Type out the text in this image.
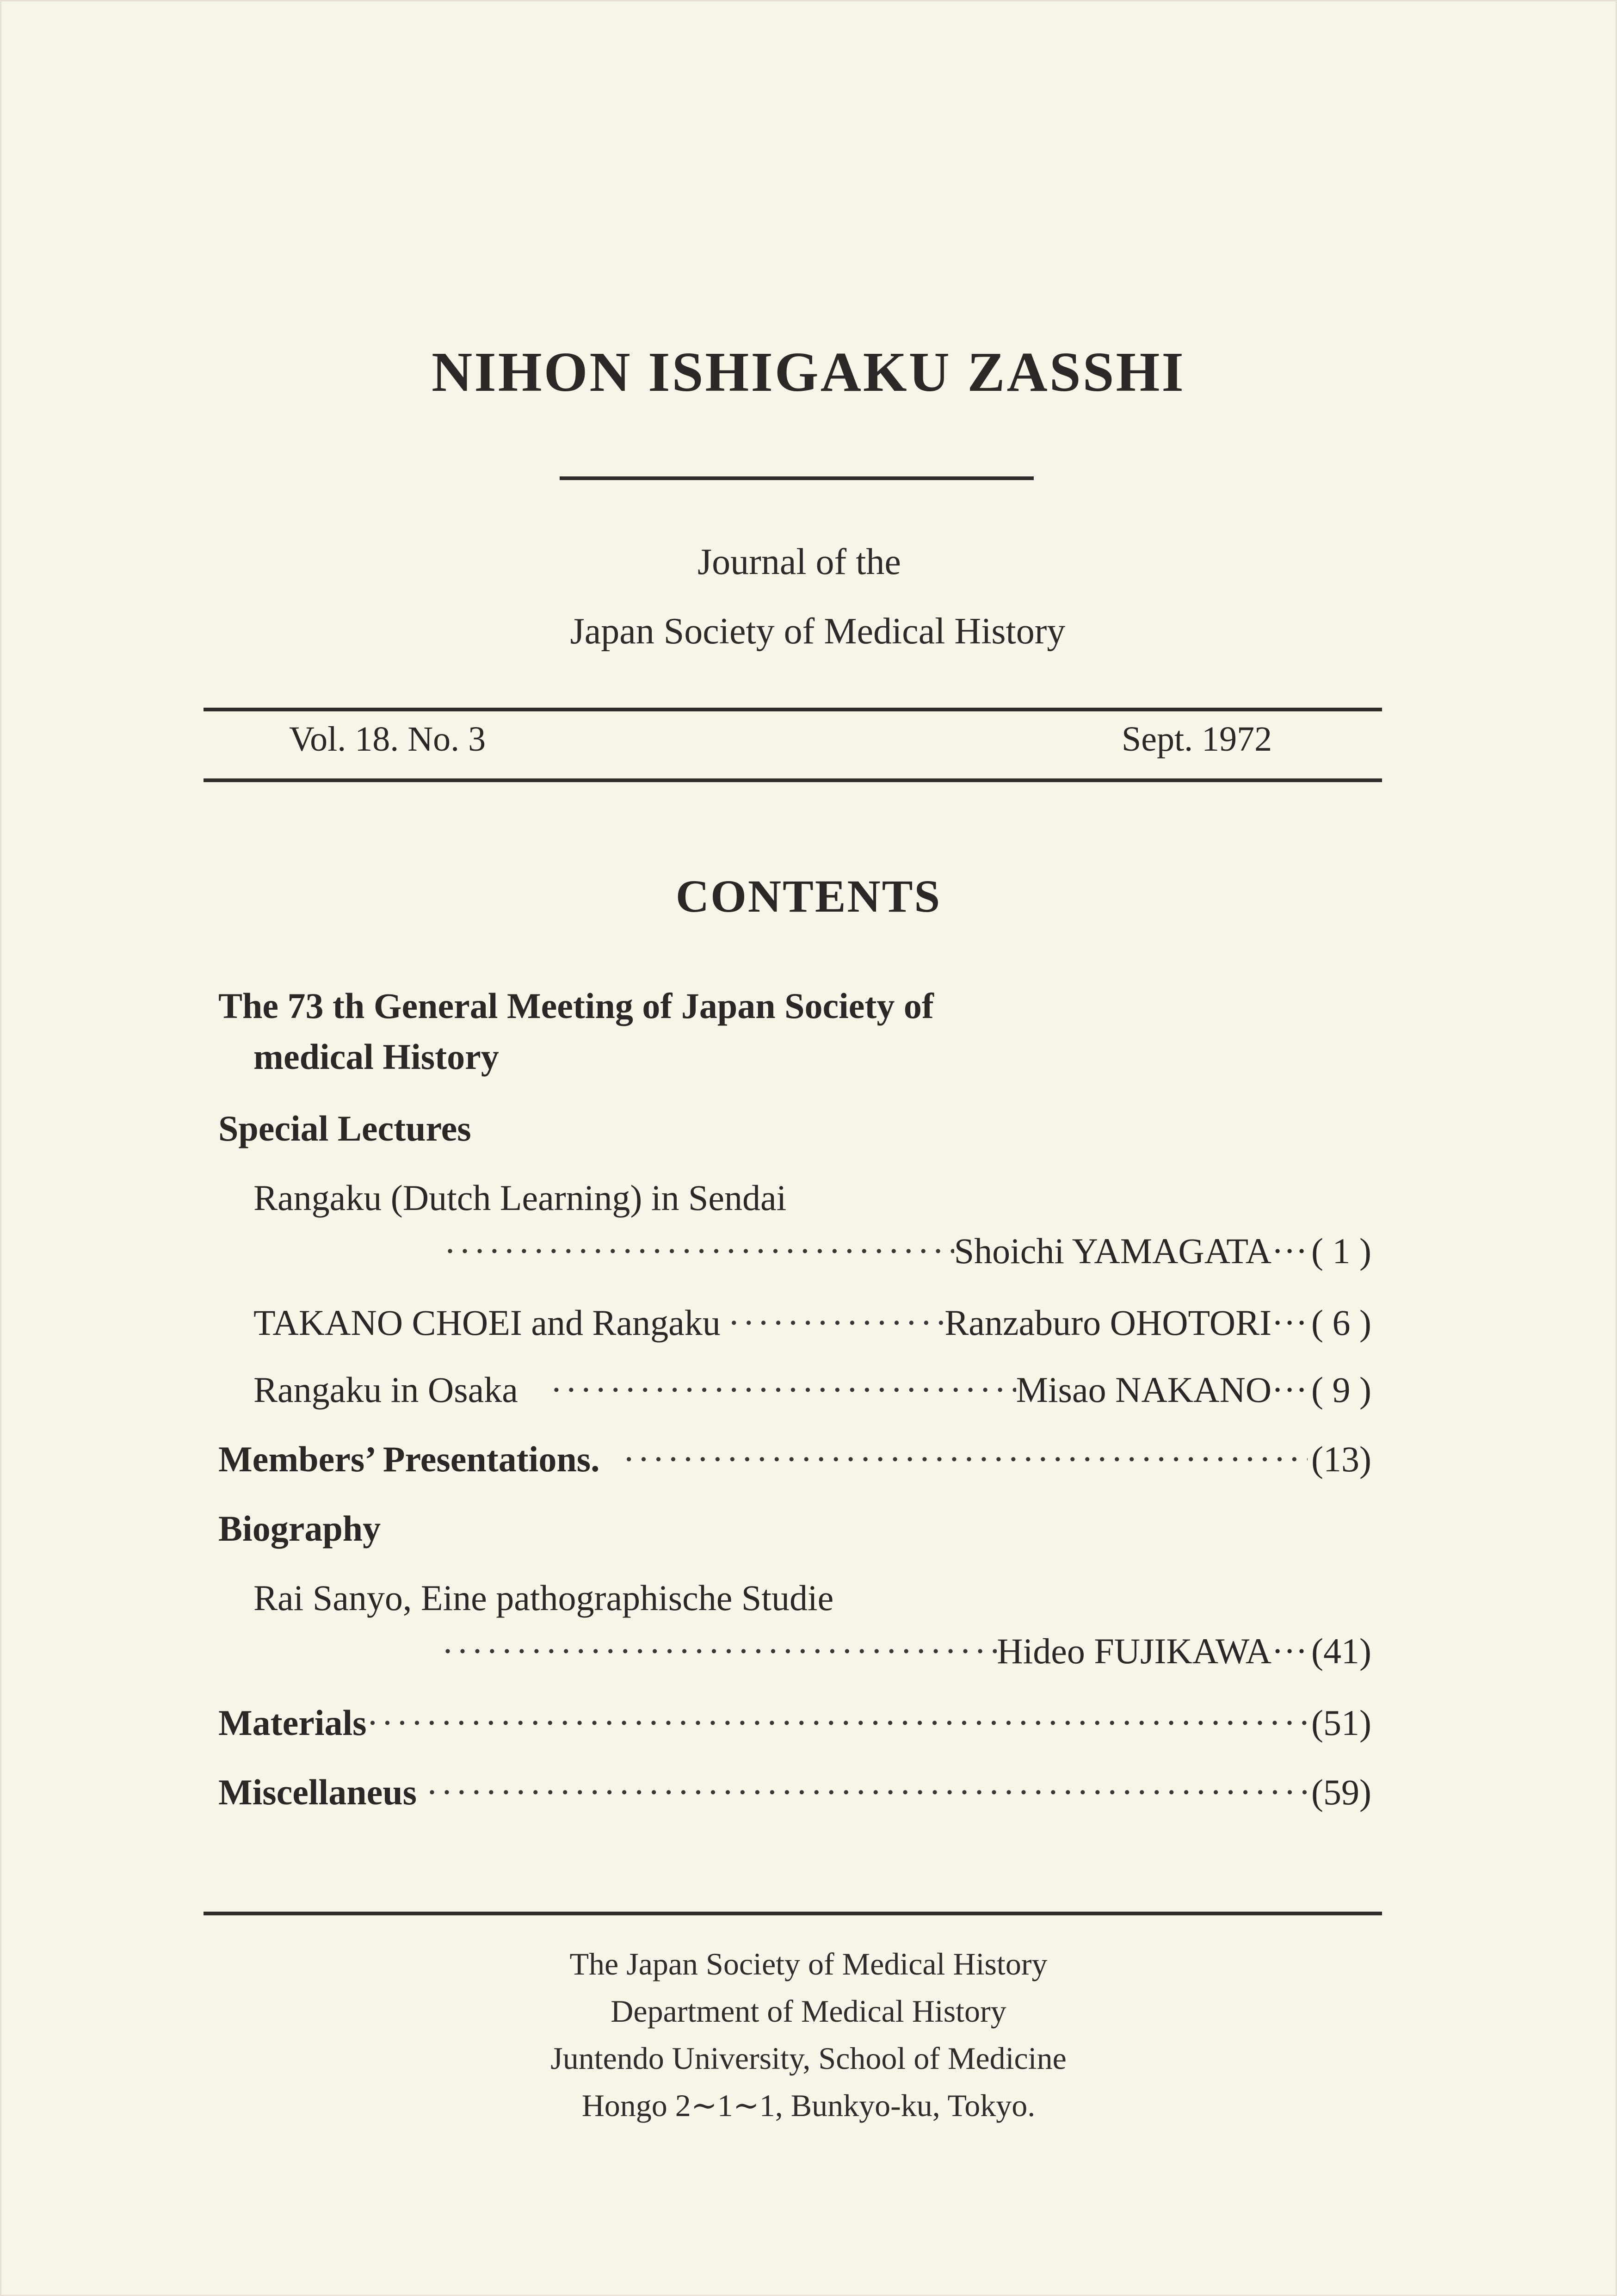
NIHON ISHIGAKU ZASSHI
Journal of the
Japan Society of Medical History
Vol. 18. No. 3	Sept. 1972
CONTENTS
The 73 th General Meeting of Japan Society of
medical History
Special Lectures
Rangaku (Dutch Learning) in Sendai
·····
Shoichi YAMAGATA··· ( 1 )
TAKANO CHOEI and Rangaku ·····	Ranzaburo OHOTORI··· ( 6 )
Rangaku in Osaka ·····	Misao NAKANO··· ( 9 )
Members’ Presentations. ·····	(13)
Biography
Rai Sanyo, Eine pathographische Studie
·····
Hideo FUJIKAWA··· (41)
Materials ·····	(51)
Miscellaneus ·····	(59)
The Japan Society of Medical History
Department of Medical History
Juntendo University, School of Medicine
Hongo 2∼1∼1, Bunkyo-ku, Tokyo.
